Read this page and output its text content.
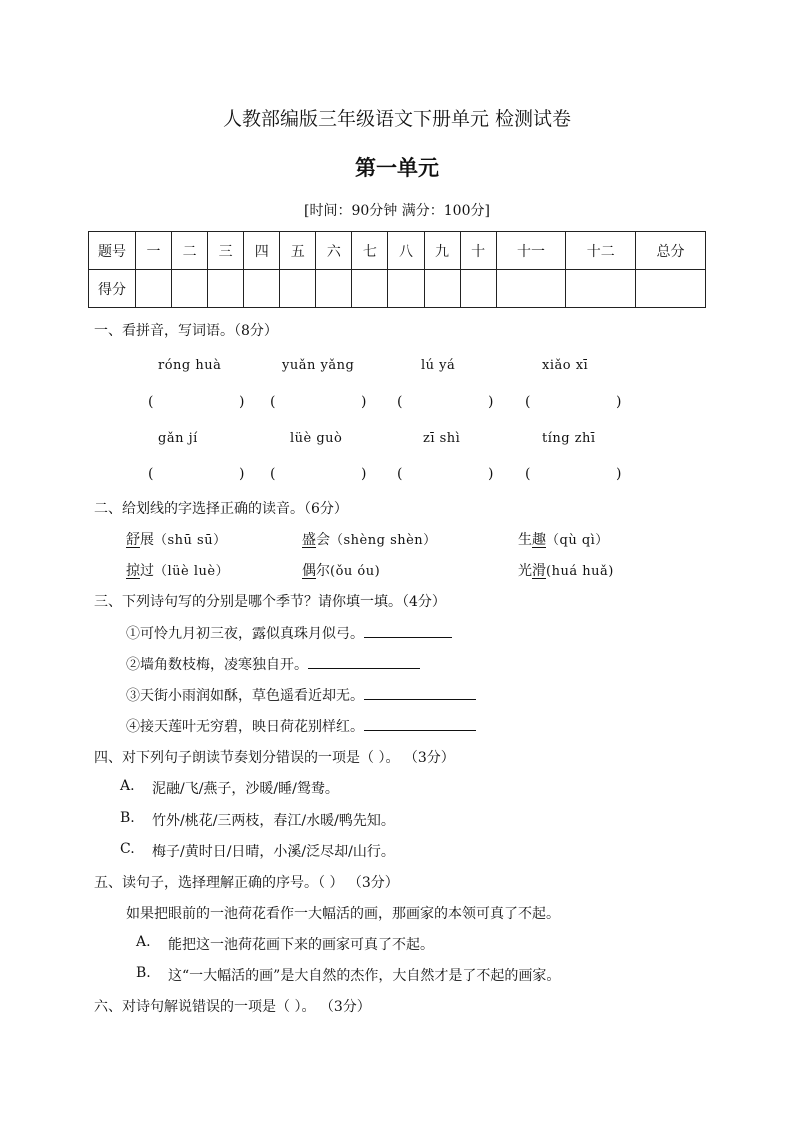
人教部编版三年级语文下册单元 检测试卷
第一单元
[时间：90分钟 满分：100分]
题号	一	二	三	四	五	六	七	八	九	十	十一	十二	总分
得分													
一、看拼音，写词语。（8分）
róng huà	yuǎn yǎng	lú yá	xiǎo xī
(	) (	) (	) (	)
gǎn jí	lüè guò	zī shì	tíng zhī
(	) (	) (	) (	)
二、给划线的字选择正确的读音。（6分）
舒展（shū sū）	盛会（shèng shèn）	生趣（qù qì）
掠过（lüè luè）	偶尔(ǒu óu)	光滑(huá huǎ)
三、下列诗句写的分别是哪个季节？请你填一填。（4分）
①可怜九月初三夜，露似真珠月似弓。
②墙角数枝梅，凌寒独自开。
③天街小雨润如酥，草色遥看近却无。
④接天莲叶无穷碧，映日荷花别样红。
四、对下列句子朗读节奏划分错误的一项是（ ）。 （3分）
A. 泥融/飞/燕子，沙暖/睡/鸳鸯。
B. 竹外/桃花/三两枝，春江/水暖/鸭先知。
C. 梅子/黄时日/日晴，小溪/泛尽却/山行。
五、读句子，选择理解正确的序号。（ ） （3分）
如果把眼前的一池荷花看作一大幅活的画，那画家的本领可真了不起。
A. 能把这一池荷花画下来的画家可真了不起。
B. 这“一大幅活的画”是大自然的杰作，大自然才是了不起的画家。
六、对诗句解说错误的一项是（ ）。 （3分）
